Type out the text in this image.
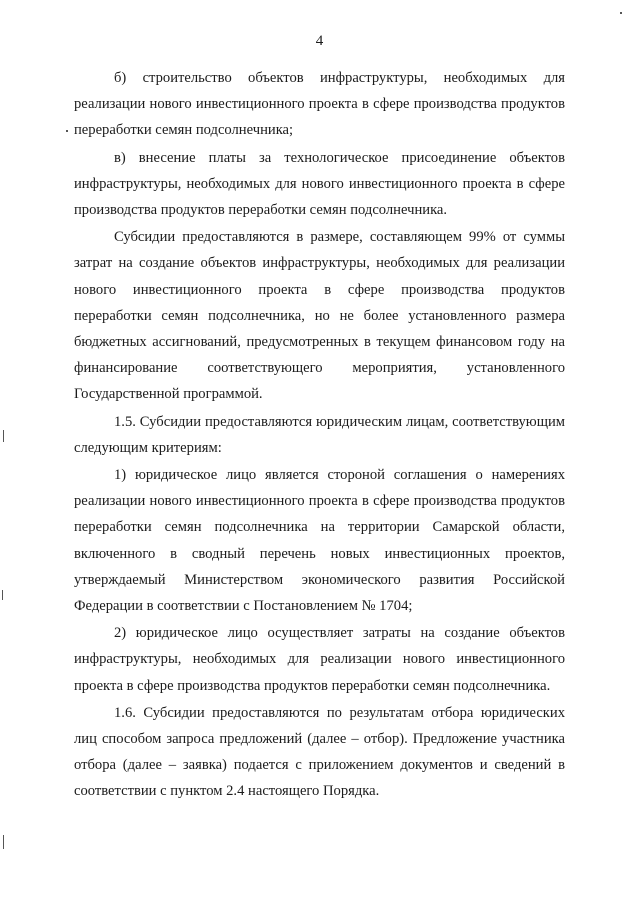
4

б) строительство объектов инфраструктуры, необходимых для реализации нового инвестиционного проекта в сфере производства продуктов переработки семян подсолнечника;

в) внесение платы за технологическое присоединение объектов инфраструктуры, необходимых для нового инвестиционного проекта в сфере производства продуктов переработки семян подсолнечника.

Субсидии предоставляются в размере, составляющем 99% от суммы затрат на создание объектов инфраструктуры, необходимых для реализации нового инвестиционного проекта в сфере производства продуктов переработки семян подсолнечника, но не более установленного размера бюджетных ассигнований, предусмотренных в текущем финансовом году на финансирование соответствующего мероприятия, установленного Государственной программой.

1.5. Субсидии предоставляются юридическим лицам, соответствующим следующим критериям:

1) юридическое лицо является стороной соглашения о намерениях реализации нового инвестиционного проекта в сфере производства продуктов переработки семян подсолнечника на территории Самарской области, включенного в сводный перечень новых инвестиционных проектов, утверждаемый Министерством экономического развития Российской Федерации в соответствии с Постановлением № 1704;

2) юридическое лицо осуществляет затраты на создание объектов инфраструктуры, необходимых для реализации нового инвестиционного проекта в сфере производства продуктов переработки семян подсолнечника.

1.6. Субсидии предоставляются по результатам отбора юридических лиц способом запроса предложений (далее – отбор). Предложение участника отбора (далее – заявка) подается с приложением документов и сведений в соответствии с пунктом 2.4 настоящего Порядка.
